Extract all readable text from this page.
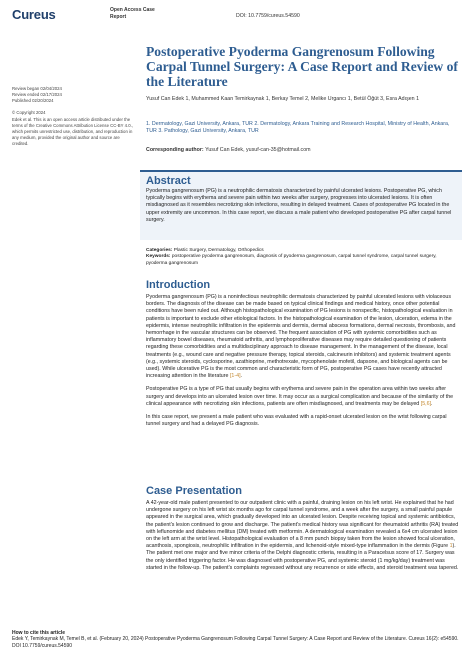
Cureus	Open Access Case
Report	DOI: 10.7759/cureus.54590
Review began 02/04/2024
Review ended 02/17/2024
Published 02/20/2024
© Copyright 2024
Edek et al. This is an open access article distributed under the terms of the Creative Commons Attribution License CC-BY 4.0., which permits unrestricted use, distribution, and reproduction in any medium, provided the original author and source are credited.
Postoperative Pyoderma Gangrenosum Following Carpal Tunnel Surgery: A Case Report and Review of the Literature
Yusuf Can Edek 1, Muhammed Kaan Temirkaynak 1, Berkay Temel 2, Melike Urgancı 1, Betül Öğüt 3, Esra Adışen 1
1. Dermatology, Gazi University, Ankara, TUR 2. Dermatology, Ankara Training and Research Hospital, Ministry of Health, Ankara, TUR 3. Pathology, Gazi University, Ankara, TUR
Corresponding author: Yusuf Can Edek, yusuf-can-35@hotmail.com
Abstract
Pyoderma gangrenosum (PG) is a neutrophilic dermatosis characterized by painful ulcerated lesions. Postoperative PG, which typically begins with erythema and severe pain within two weeks after surgery, progresses into ulcerated lesions. It is often misdiagnosed as it resembles necrotizing skin infections, resulting in delayed treatment. Cases of postoperative PG located in the upper extremity are uncommon. In this case report, we discuss a male patient who developed postoperative PG after carpal tunnel surgery.
Categories: Plastic Surgery, Dermatology, Orthopedics
Keywords: postoperative pyoderma gangrenosum, diagnosis of pyoderma gangrenosum, carpal tunnel syndrome, carpal tunnel surgery, pyoderma gangrenosum
Introduction

Pyoderma gangrenosum (PG) is a noninfectious neutrophilic dermatosis characterized by painful ulcerated lesions with violaceous borders. The diagnosis of the disease can be made based on typical clinical findings and medical history, once other potential conditions have been ruled out. Although histopathological examination of PG lesions is nonspecific, histopathological evaluation in patients is important to exclude other etiological factors. In the histopathological examination of the lesion, ulceration, edema in the epidermis, intense neutrophilic infiltration in the epidermis and dermis, dermal abscess formations, dermal necrosis, thrombosis, and hemorrhage in the vascular structures can be observed. The frequent association of PG with systemic comorbidities such as inflammatory bowel diseases, rheumatoid arthritis, and lymphoproliferative diseases may require detailed questioning of patients regarding these comorbidities and a multidisciplinary approach to disease management. In the management of the disease, local treatments (e.g., wound care and negative pressure therapy, topical steroids, calcineurin inhibitors) and systemic treatment agents (e.g., systemic steroids, cyclosporine, azathioprine, methotrexate, mycophenolate mofetil, dapsone, and biological agents can be used). While ulcerative PG is the most common and characteristic form of PG, postoperative PG cases have recently attracted increasing attention in the literature [1-4].

Postoperative PG is a type of PG that usually begins with erythema and severe pain in the operation area within two weeks after surgery and develops into an ulcerated lesion over time. It may occur as a surgical complication and because of the similarity of the clinical appearance with necrotizing skin infections, patients are often misdiagnosed, and treatments may be delayed [5,6].

In this case report, we present a male patient who was evaluated with a rapid-onset ulcerated lesion on the wrist following carpal tunnel surgery and had a delayed PG diagnosis.

Case Presentation

A 42-year-old male patient presented to our outpatient clinic with a painful, draining lesion on his left wrist. He explained that he had undergone surgery on his left wrist six months ago for carpal tunnel syndrome, and a week after the surgery, a small painful papule appeared in the surgical area, which gradually developed into an ulcerated lesion. Despite receiving topical and systemic antibiotics, the patient's lesion continued to grow and discharge. The patient's medical history was significant for rheumatoid arthritis (RA) treated with leflunomide and diabetes mellitus (DM) treated with metformin. A dermatological examination revealed a 6x4 cm ulcerated lesion on the left arm at the wrist level. Histopathological evaluation of a 8 mm punch biopsy taken from the lesion showed focal ulceration, acanthosis, spongiosis, neutrophilic infiltration in the epidermis, and lichenoid-style mixed-type inflammation in the dermis (Figure 1). The patient met one major and five minor criteria of the Delphi diagnostic criteria, resulting in a Paracelsus score of 17. Surgery was the only identified triggering factor. He was diagnosed with postoperative PG, and systemic steroid (1 mg/kg/day) treatment was started in the follow-up. The patient's complaints regressed without any recurrence or side effects, and steroid treatment was tapered.

How to cite this article
Edek Y, Temirkaynak M, Temel B, et al. (February 20, 2024) Postoperative Pyoderma Gangrenosum Following Carpal Tunnel Surgery: A Case Report and Review of the Literature. Cureus 16(2): e54590. DOI 10.7759/cureus.54590
